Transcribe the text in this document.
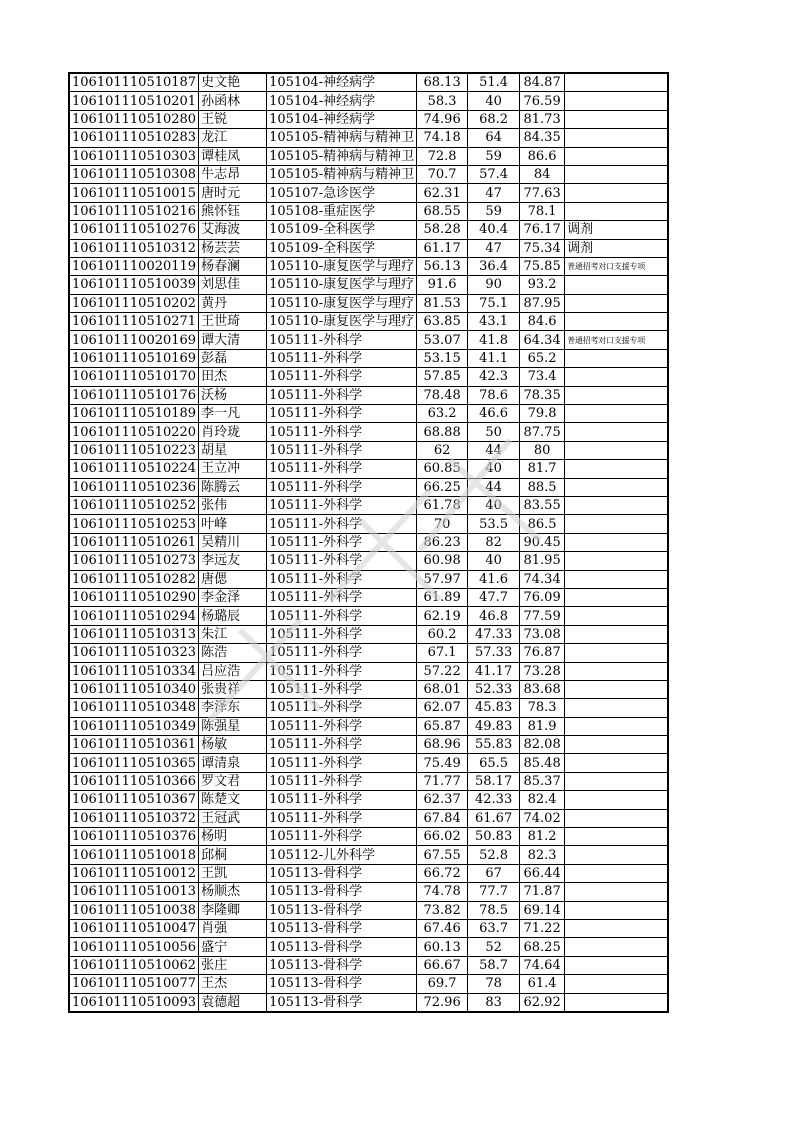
106101110510187	史文艳	105104-神经病学	68.13	51.4	84.87	
106101110510201	孙函林	105104-神经病学	58.3	40	76.59	
106101110510280	王锐	105104-神经病学	74.96	68.2	81.73	
106101110510283	龙江	105105-精神病与精神卫	74.18	64	84.35	
106101110510303	谭桂凤	105105-精神病与精神卫	72.8	59	86.6	
106101110510308	牛志昂	105105-精神病与精神卫	70.7	57.4	84	
106101110510015	唐时元	105107-急诊医学	62.31	47	77.63	
106101110510216	熊怀钰	105108-重症医学	68.55	59	78.1	
106101110510276	艾海波	105109-全科医学	58.28	40.4	76.17	调剂
106101110510312	杨芸芸	105109-全科医学	61.17	47	75.34	调剂
106101110020119	杨春澜	105110-康复医学与理疗	56.13	36.4	75.85	普通招考对口支援专项
106101110510039	刘思佳	105110-康复医学与理疗	91.6	90	93.2	
106101110510202	黄丹	105110-康复医学与理疗	81.53	75.1	87.95	
106101110510271	王世琦	105110-康复医学与理疗	63.85	43.1	84.6	
106101110020169	谭大清	105111-外科学	53.07	41.8	64.34	普通招考对口支援专项
106101110510169	彭磊	105111-外科学	53.15	41.1	65.2	
106101110510170	田杰	105111-外科学	57.85	42.3	73.4	
106101110510176	沃杨	105111-外科学	78.48	78.6	78.35	
106101110510189	李一凡	105111-外科学	63.2	46.6	79.8	
106101110510220	肖玲珑	105111-外科学	68.88	50	87.75	
106101110510223	胡星	105111-外科学	62	44	80	
106101110510224	王立冲	105111-外科学	60.85	40	81.7	
106101110510236	陈腾云	105111-外科学	66.25	44	88.5	
106101110510252	张伟	105111-外科学	61.78	40	83.55	
106101110510253	叶峰	105111-外科学	70	53.5	86.5	
106101110510261	吴精川	105111-外科学	86.23	82	90.45	
106101110510273	李远友	105111-外科学	60.98	40	81.95	
106101110510282	唐偲	105111-外科学	57.97	41.6	74.34	
106101110510290	李金泽	105111-外科学	61.89	47.7	76.09	
106101110510294	杨璐辰	105111-外科学	62.19	46.8	77.59	
106101110510313	朱江	105111-外科学	60.2	47.33	73.08	
106101110510323	陈浩	105111-外科学	67.1	57.33	76.87	
106101110510334	吕应浩	105111-外科学	57.22	41.17	73.28	
106101110510340	张贵祥	105111-外科学	68.01	52.33	83.68	
106101110510348	李泽东	105111-外科学	62.07	45.83	78.3	
106101110510349	陈强星	105111-外科学	65.87	49.83	81.9	
106101110510361	杨敏	105111-外科学	68.96	55.83	82.08	
106101110510365	谭清泉	105111-外科学	75.49	65.5	85.48	
106101110510366	罗文君	105111-外科学	71.77	58.17	85.37	
106101110510367	陈楚文	105111-外科学	62.37	42.33	82.4	
106101110510372	王冠武	105111-外科学	67.84	61.67	74.02	
106101110510376	杨明	105111-外科学	66.02	50.83	81.2	
106101110510018	邱桐	105112-儿外科学	67.55	52.8	82.3	
106101110510012	王凯	105113-骨科学	66.72	67	66.44	
106101110510013	杨顺杰	105113-骨科学	74.78	77.7	71.87	
106101110510038	李隆卿	105113-骨科学	73.82	78.5	69.14	
106101110510047	肖强	105113-骨科学	67.46	63.7	71.22	
106101110510056	盛宁	105113-骨科学	60.13	52	68.25	
106101110510062	张庄	105113-骨科学	66.67	58.7	74.64	
106101110510077	王杰	105113-骨科学	69.7	78	61.4	
106101110510093	袁德超	105113-骨科学	72.96	83	62.92	
